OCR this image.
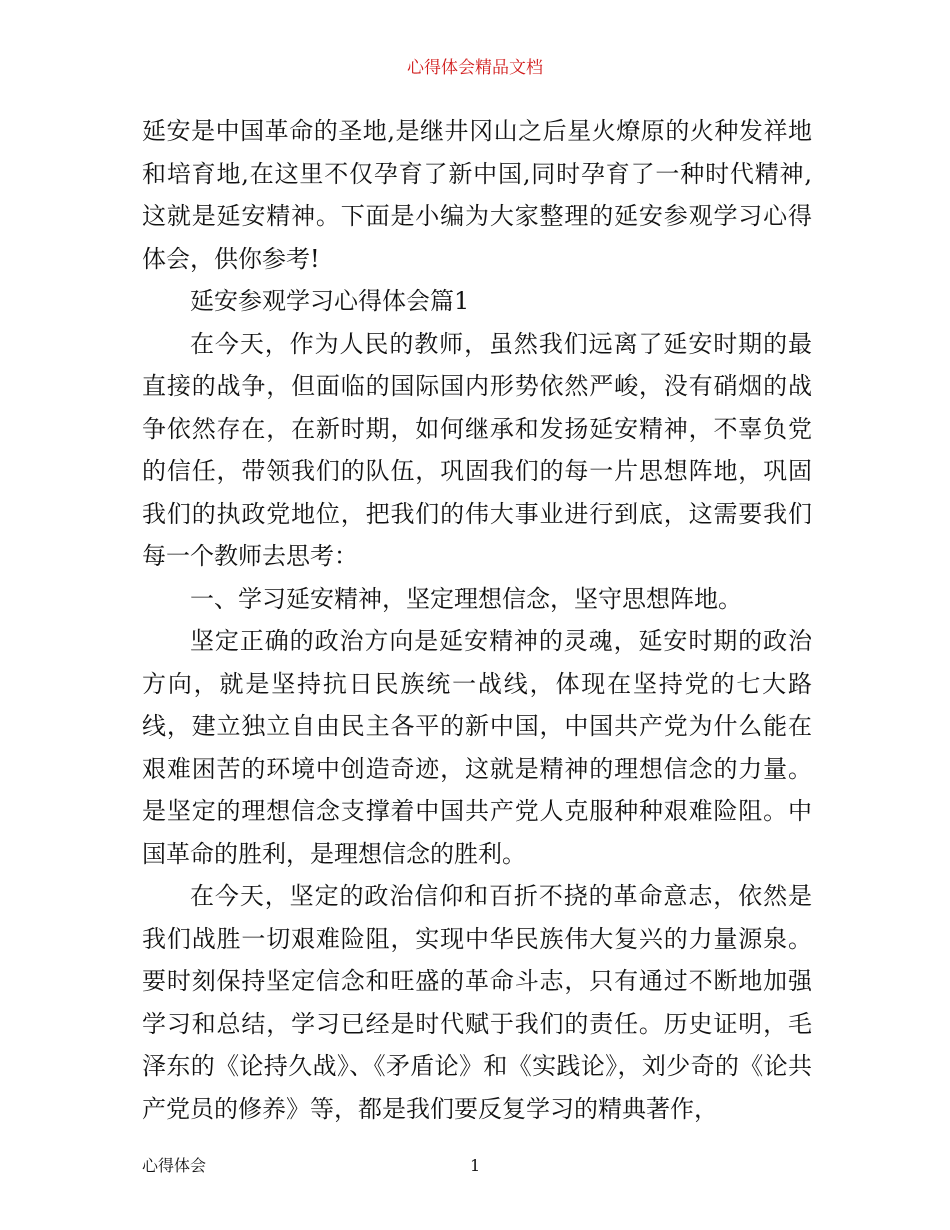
心得体会精品文档

延安是中国革命的圣地,是继井冈山之后星火燎原的火种发祥地和培育地,在这里不仅孕育了新中国,同时孕育了一种时代精神,这就是延安精神。下面是小编为大家整理的延安参观学习心得体会，供你参考!

延安参观学习心得体会篇1

在今天，作为人民的教师，虽然我们远离了延安时期的最直接的战争，但面临的国际国内形势依然严峻，没有硝烟的战争依然存在，在新时期，如何继承和发扬延安精神，不辜负党的信任，带领我们的队伍，巩固我们的每一片思想阵地，巩固我们的执政党地位，把我们的伟大事业进行到底，这需要我们每一个教师去思考：

一、学习延安精神，坚定理想信念，坚守思想阵地。

坚定正确的政治方向是延安精神的灵魂，延安时期的政治方向，就是坚持抗日民族统一战线，体现在坚持党的七大路线，建立独立自由民主各平的新中国，中国共产党为什么能在艰难困苦的环境中创造奇迹，这就是精神的理想信念的力量。是坚定的理想信念支撑着中国共产党人克服种种艰难险阻。中国革命的胜利，是理想信念的胜利。

在今天，坚定的政治信仰和百折不挠的革命意志，依然是我们战胜一切艰难险阻，实现中华民族伟大复兴的力量源泉。要时刻保持坚定信念和旺盛的革命斗志，只有通过不断地加强学习和总结，学习已经是时代赋于我们的责任。历史证明，毛泽东的《论持久战》、《矛盾论》和《实践论》，刘少奇的《论共产党员的修养》等，都是我们要反复学习的精典著作，

心得体会	1
